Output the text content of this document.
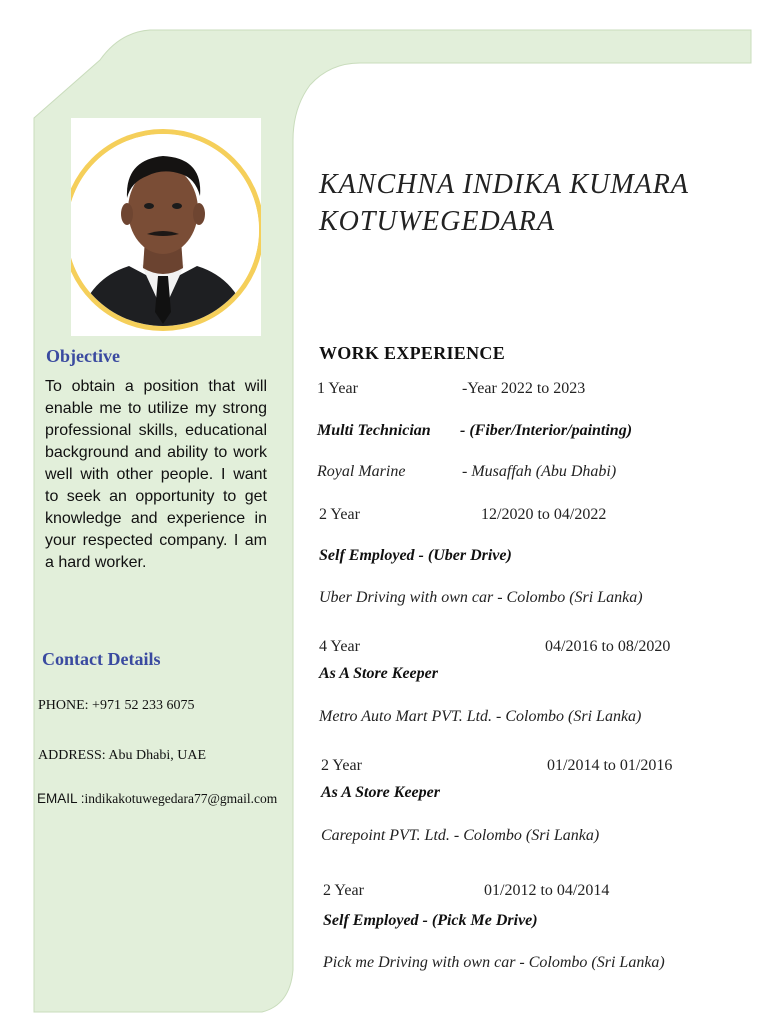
Objective

To obtain a position that will enable me to utilize my strong professional skills, educational background and ability to work well with other people. I want to seek an opportunity to get knowledge and experience in your respected company. I am a hard worker.

Contact Details

PHONE: +971 52 233 6075

ADDRESS: Abu Dhabi, UAE

EMAIL :indikakotuwegedara77@gmail.com

KANCHNA INDIKA KUMARA
KOTUWEGEDARA
WORK EXPERIENCE

1 Year	-Year 2022 to 2023

Multi Technician - (Fiber/Interior/painting)

Royal Marine	- Musaffah (Abu Dhabi)

2 Year	12/2020 to 04/2022

Self Employed - (Uber Drive)

Uber Driving with own car - Colombo (Sri Lanka)

4 Year	04/2016 to 08/2020

As A Store Keeper

Metro Auto Mart PVT. Ltd. - Colombo (Sri Lanka)

2 Year	01/2014 to 01/2016

As A Store Keeper

Carepoint PVT. Ltd. - Colombo (Sri Lanka)

2 Year	01/2012 to 04/2014

Self Employed - (Pick Me Drive)

Pick me Driving with own car - Colombo (Sri Lanka)
